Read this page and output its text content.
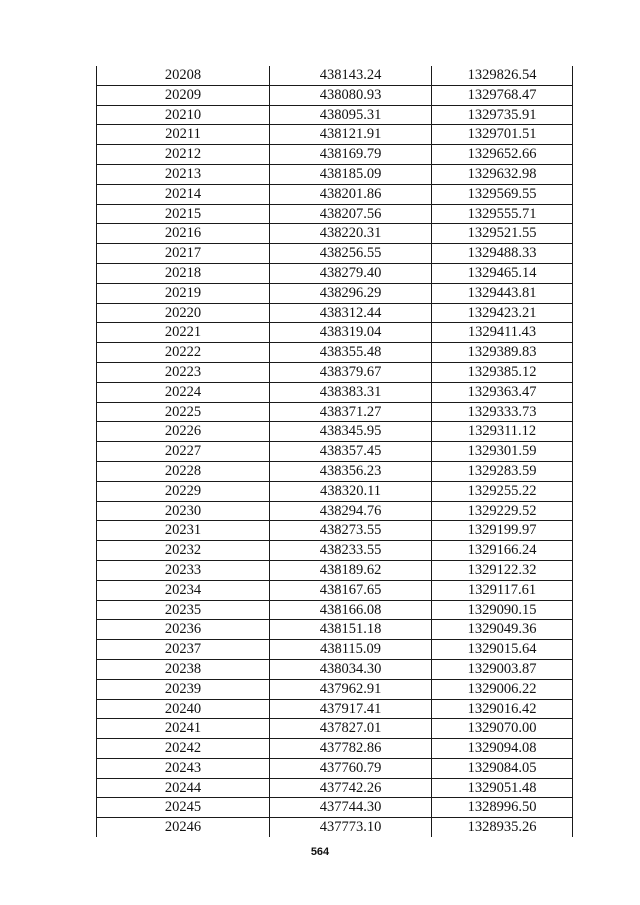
20208	438143.24	1329826.54
20209	438080.93	1329768.47
20210	438095.31	1329735.91
20211	438121.91	1329701.51
20212	438169.79	1329652.66
20213	438185.09	1329632.98
20214	438201.86	1329569.55
20215	438207.56	1329555.71
20216	438220.31	1329521.55
20217	438256.55	1329488.33
20218	438279.40	1329465.14
20219	438296.29	1329443.81
20220	438312.44	1329423.21
20221	438319.04	1329411.43
20222	438355.48	1329389.83
20223	438379.67	1329385.12
20224	438383.31	1329363.47
20225	438371.27	1329333.73
20226	438345.95	1329311.12
20227	438357.45	1329301.59
20228	438356.23	1329283.59
20229	438320.11	1329255.22
20230	438294.76	1329229.52
20231	438273.55	1329199.97
20232	438233.55	1329166.24
20233	438189.62	1329122.32
20234	438167.65	1329117.61
20235	438166.08	1329090.15
20236	438151.18	1329049.36
20237	438115.09	1329015.64
20238	438034.30	1329003.87
20239	437962.91	1329006.22
20240	437917.41	1329016.42
20241	437827.01	1329070.00
20242	437782.86	1329094.08
20243	437760.79	1329084.05
20244	437742.26	1329051.48
20245	437744.30	1328996.50
20246	437773.10	1328935.26
564
